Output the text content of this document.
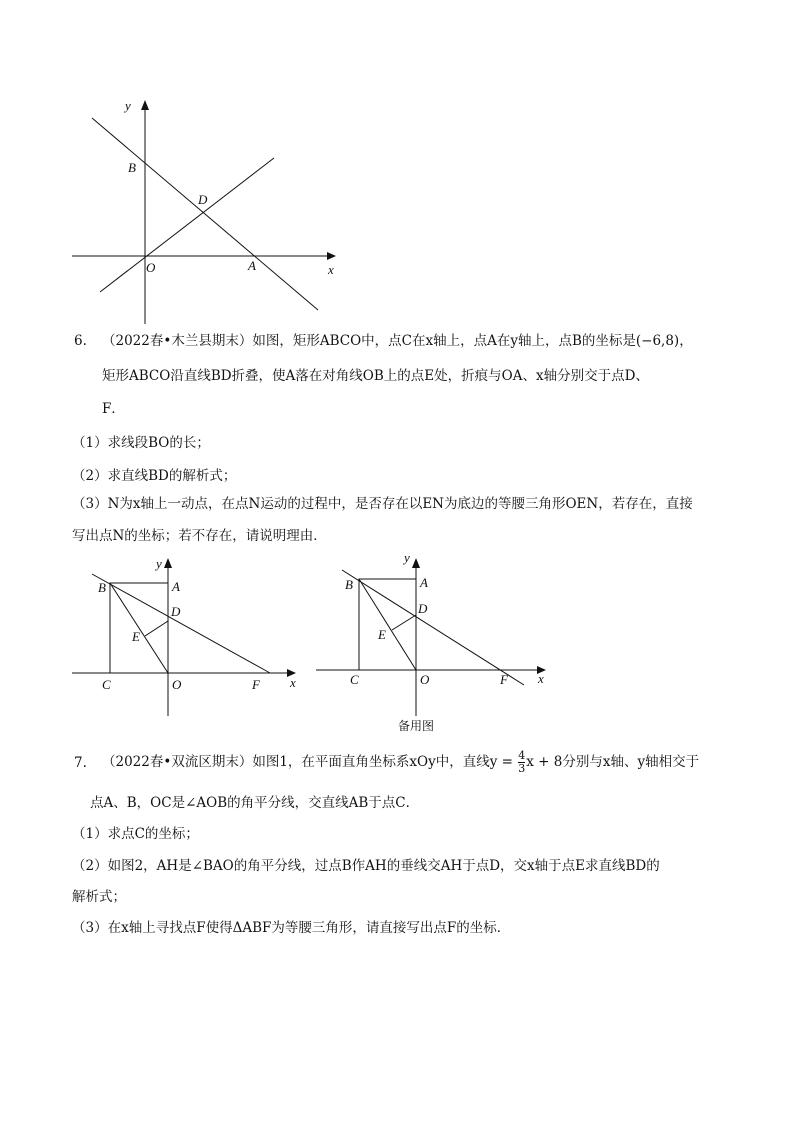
y
x
B
D
O	A
6. （2022春•木兰县期末）如图，矩形ABCO中，点C在x轴上，点A在y轴上，点B的坐标是(−6,8)，
矩形ABCO沿直线BD折叠，使A落在对角线OB上的点E处，折痕与OA、x轴分别交于点D、
F．
（1）求线段BO的长；
（2）求直线BD的解析式；
（3）N为x轴上一动点，在点N运动的过程中，是否存在以EN为底边的等腰三角形OEN，若存在，直接
写出点N的坐标；若不存在，请说明理由．
y
x
B	A
D
E
C	O	F
y
x
B	A
D
E
C	O	F
备用图
7. （2022春•双流区期末）如图1，在平面直角坐标系xOy中，直线$y = \frac{4}{3}$ x + 8分别与x轴、y轴相交于
点A、B，OC是∠AOB的角平分线，交直线AB于点C．
（1）求点C的坐标；
（2）如图2，AH是∠BAO的角平分线，过点B作AH的垂线交AH于点D，交x轴于点E求直线BD的
解析式；
（3）在x轴上寻找点F使得ΔABF为等腰三角形，请直接写出点F的坐标．
